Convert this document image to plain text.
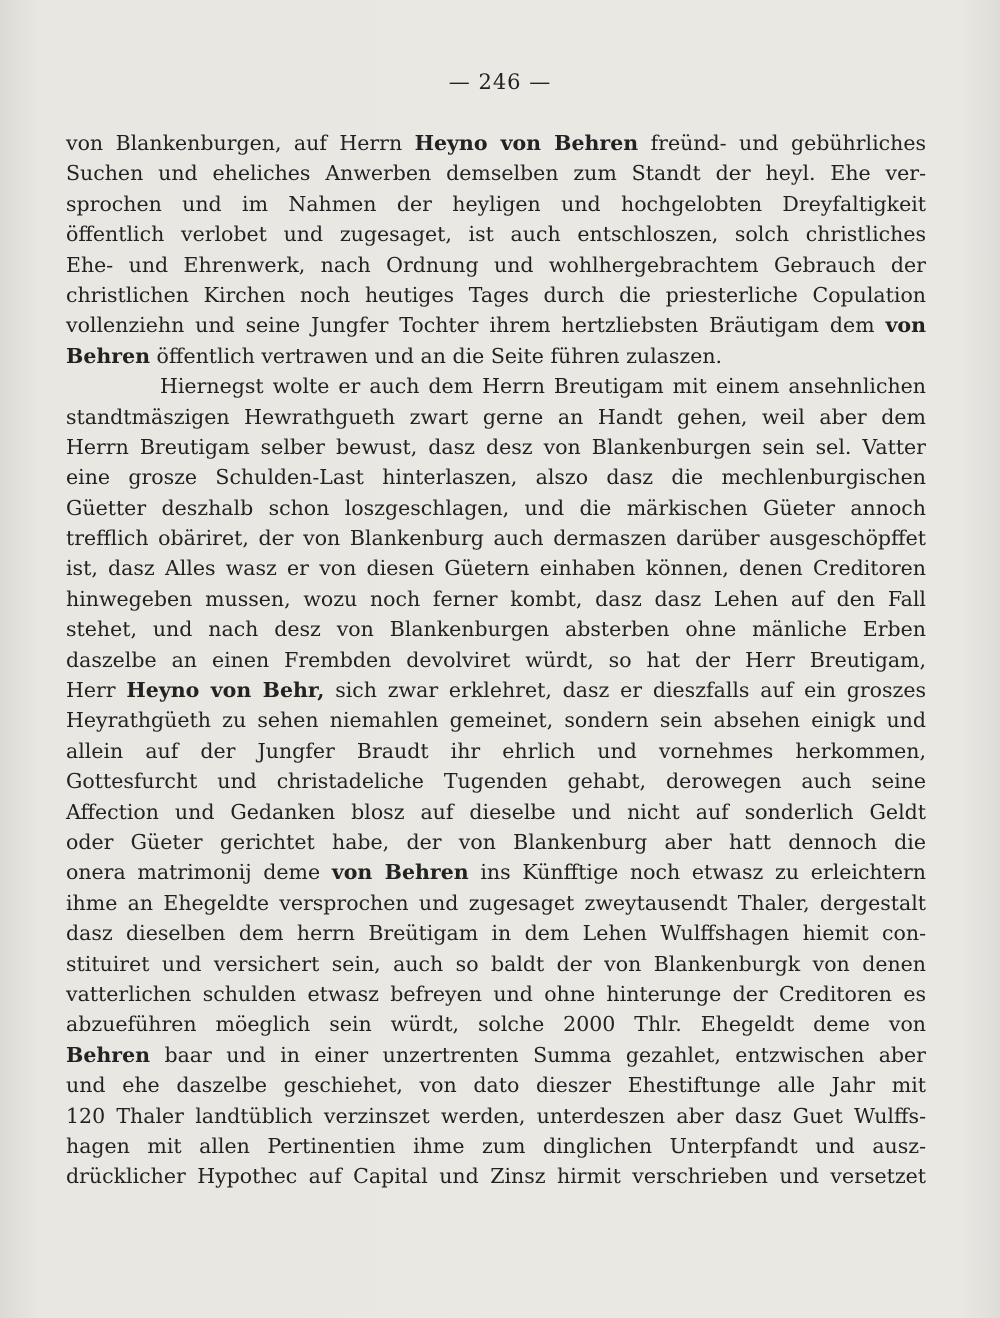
— 246 —
von Blankenburgen, auf Herrn Heyno von Behren freünd- und gebührliches
Suchen und eheliches Anwerben demselben zum Standt der heyl. Ehe ver-
sprochen und im Nahmen der heyligen und hochgelobten Dreyfaltigkeit
öffentlich verlobet und zugesaget, ist auch entschloszen, solch christliches
Ehe- und Ehrenwerk, nach Ordnung und wohlhergebrachtem Gebrauch der
christlichen Kirchen noch heutiges Tages durch die priesterliche Copulation
vollenziehn und seine Jungfer Tochter ihrem hertzliebsten Bräutigam dem von
Behren öffentlich vertrawen und an die Seite führen zulaszen.
Hiernegst wolte er auch dem Herrn Breutigam mit einem ansehnlichen
standtmäszigen Hewrathgueth zwart gerne an Handt gehen, weil aber dem
Herrn Breutigam selber bewust, dasz desz von Blankenburgen sein sel. Vatter
eine grosze Schulden-Last hinterlaszen, alszo dasz die mechlenburgischen
Güetter deszhalb schon loszgeschlagen, und die märkischen Güeter annoch
trefflich obäriret, der von Blankenburg auch dermaszen darüber ausgeschöpffet
ist, dasz Alles wasz er von diesen Güetern einhaben können, denen Creditoren
hinwegeben mussen, wozu noch ferner kombt, dasz dasz Lehen auf den Fall
stehet, und nach desz von Blankenburgen absterben ohne mänliche Erben
daszelbe an einen Frembden devolviret würdt, so hat der Herr Breutigam,
Herr Heyno von Behr, sich zwar erklehret, dasz er dieszfalls auf ein groszes
Heyrathgüeth zu sehen niemahlen gemeinet, sondern sein absehen einigk und
allein auf der Jungfer Braudt ihr ehrlich und vornehmes herkommen,
Gottesfurcht und christadeliche Tugenden gehabt, derowegen auch seine
Affection und Gedanken blosz auf dieselbe und nicht auf sonderlich Geldt
oder Güeter gerichtet habe, der von Blankenburg aber hatt dennoch die
onera matrimonij deme von Behren ins Künfftige noch etwasz zu erleichtern
ihme an Ehegeldte versprochen und zugesaget zweytausendt Thaler, dergestalt
dasz dieselben dem herrn Breütigam in dem Lehen Wulffshagen hiemit con-
stituiret und versichert sein, auch so baldt der von Blankenburgk von denen
vatterlichen schulden etwasz befreyen und ohne hinterunge der Creditoren es
abzueführen möeglich sein würdt, solche 2000 Thlr. Ehegeldt deme von
Behren baar und in einer unzertrenten Summa gezahlet, entzwischen aber
und ehe daszelbe geschiehet, von dato dieszer Ehestiftunge alle Jahr mit
120 Thaler landtüblich verzinszet werden, unterdeszen aber dasz Guet Wulffs-
hagen mit allen Pertinentien ihme zum dinglichen Unterpfandt und ausz-
drücklicher Hypothec auf Capital und Zinsz hirmit verschrieben und versetzet
